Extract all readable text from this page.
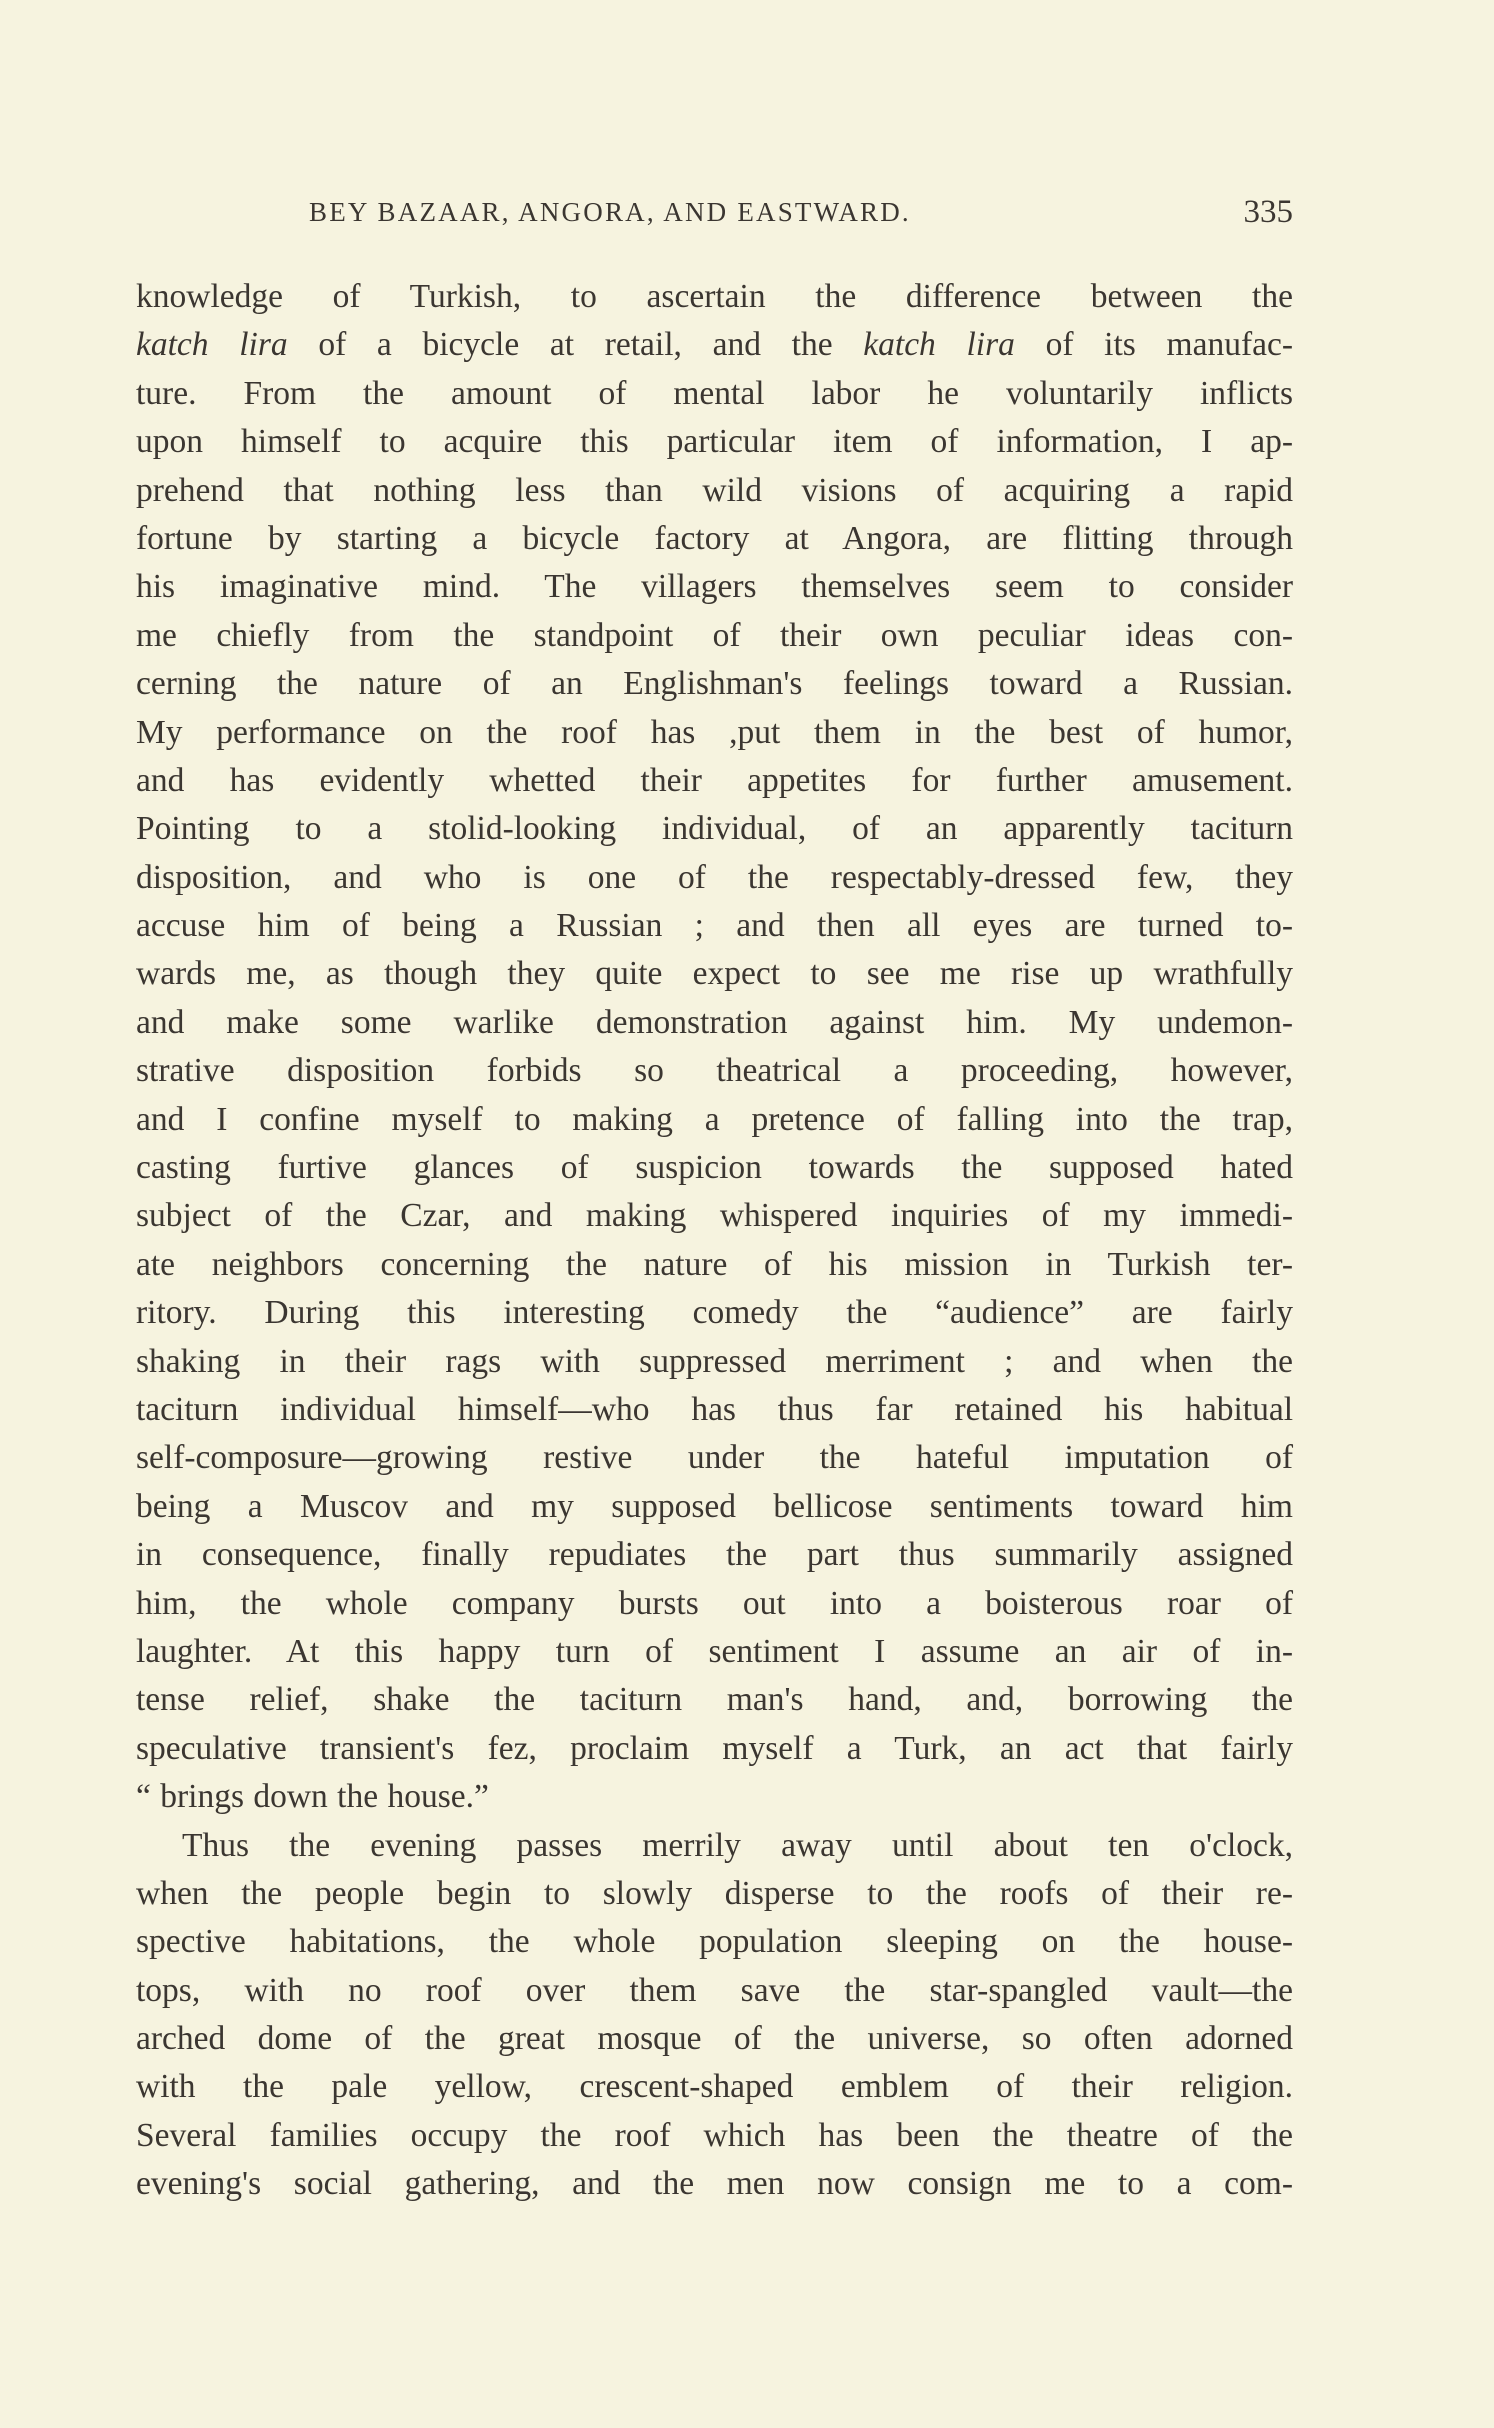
BEY BAZAAR, ANGORA, AND EASTWARD.	335
knowledge of Turkish, to ascertain the difference between the
katch lira of a bicycle at retail, and the katch lira of its manufac-
ture. From the amount of mental labor he voluntarily inflicts
upon himself to acquire this particular item of information, I ap-
prehend that nothing less than wild visions of acquiring a rapid
fortune by starting a bicycle factory at Angora, are flitting through
his imaginative mind. The villagers themselves seem to consider
me chiefly from the standpoint of their own peculiar ideas con-
cerning the nature of an Englishman's feelings toward a Russian.
My performance on the roof has ,put them in the best of humor,
and has evidently whetted their appetites for further amusement.
Pointing to a stolid-looking individual, of an apparently taciturn
disposition, and who is one of the respectably-dressed few, they
accuse him of being a Russian ; and then all eyes are turned to-
wards me, as though they quite expect to see me rise up wrathfully
and make some warlike demonstration against him. My undemon-
strative disposition forbids so theatrical a proceeding, however,
and I confine myself to making a pretence of falling into the trap,
casting furtive glances of suspicion towards the supposed hated
subject of the Czar, and making whispered inquiries of my immedi-
ate neighbors concerning the nature of his mission in Turkish ter-
ritory. During this interesting comedy the “audience” are fairly
shaking in their rags with suppressed merriment ; and when the
taciturn individual himself—who has thus far retained his habitual
self-composure—growing restive under the hateful imputation of
being a Muscov and my supposed bellicose sentiments toward him
in consequence, finally repudiates the part thus summarily assigned
him, the whole company bursts out into a boisterous roar of
laughter. At this happy turn of sentiment I assume an air of in-
tense relief, shake the taciturn man's hand, and, borrowing the
speculative transient's fez, proclaim myself a Turk, an act that fairly
“ brings down the house.”
Thus the evening passes merrily away until about ten o'clock,
when the people begin to slowly disperse to the roofs of their re-
spective habitations, the whole population sleeping on the house-
tops, with no roof over them save the star-spangled vault—the
arched dome of the great mosque of the universe, so often adorned
with the pale yellow, crescent-shaped emblem of their religion.
Several families occupy the roof which has been the theatre of the
evening's social gathering, and the men now consign me to a com-
